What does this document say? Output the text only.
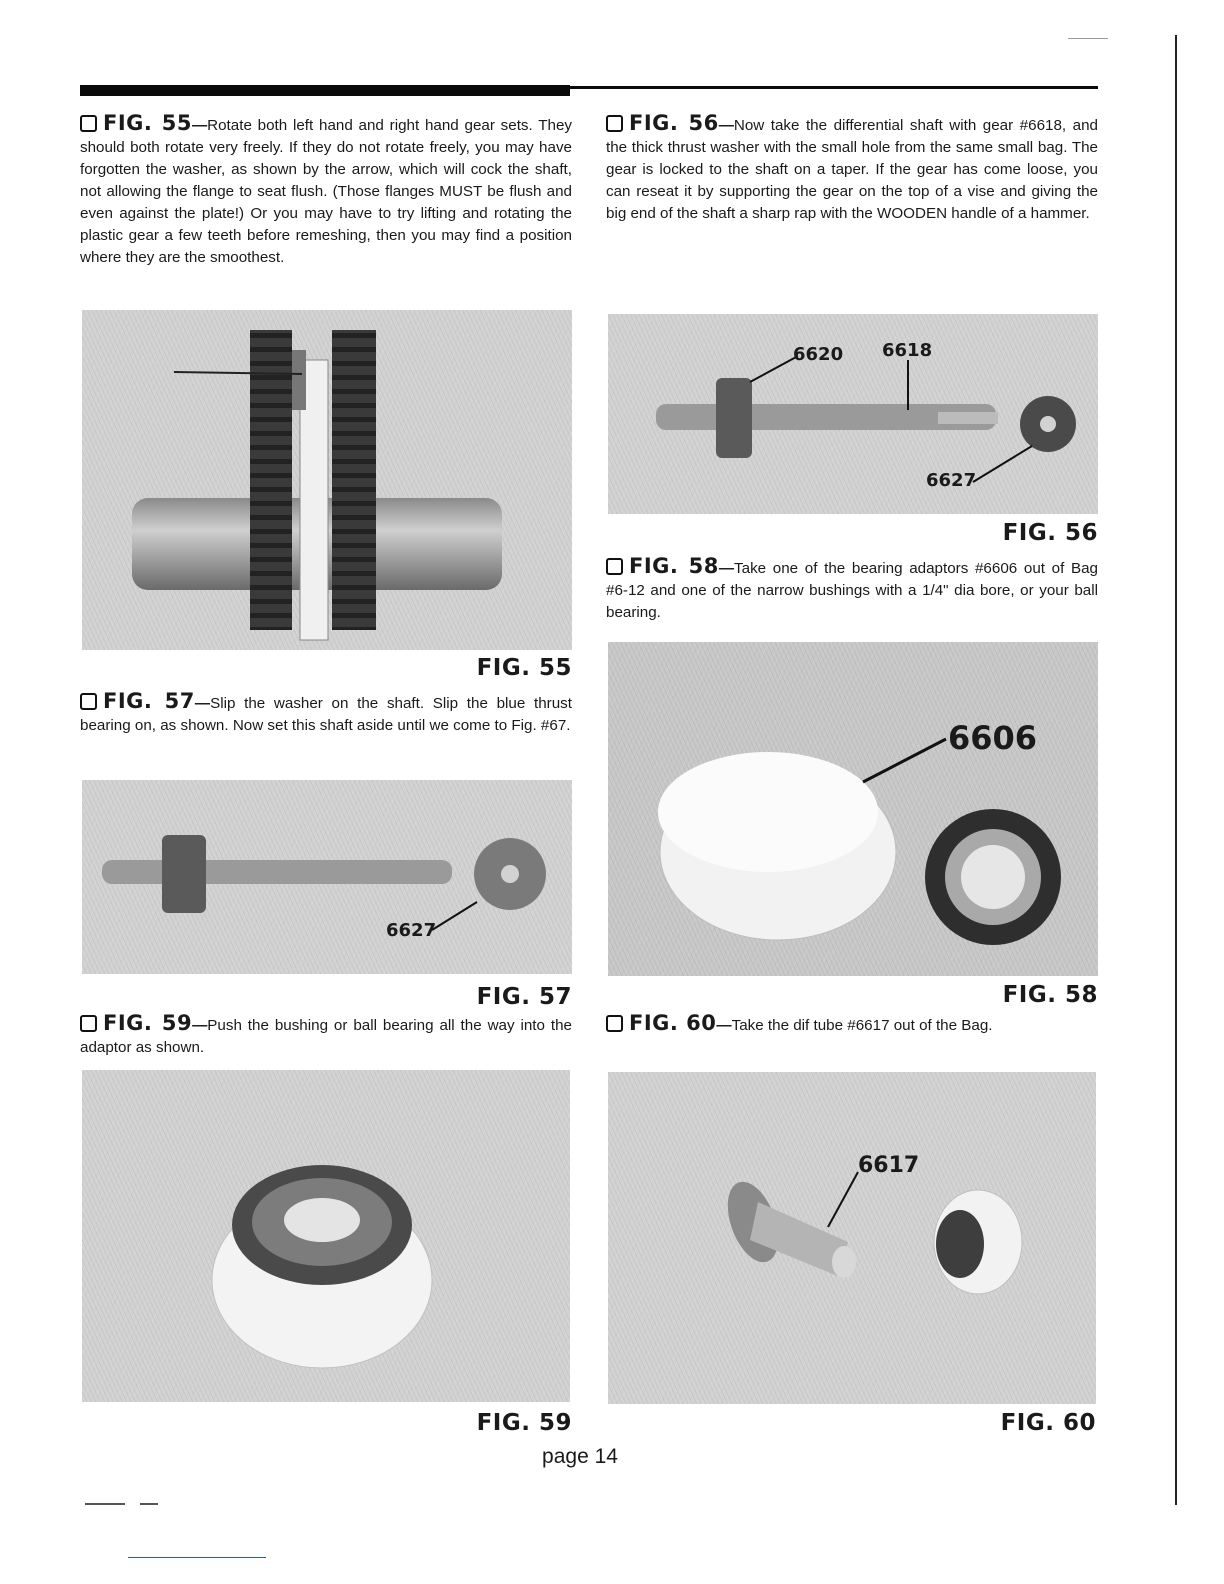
FIG. 55—Rotate both left hand and right hand gear sets. They should both rotate very freely. If they do not rotate freely, you may have forgotten the washer, as shown by the arrow, which will cock the shaft, not allowing the flange to seat flush. (Those flanges MUST be flush and even against the plate!) Or you may have to try lifting and rotating the plastic gear a few teeth before remeshing, then you may find a position where they are the smoothest.

FIG. 56—Now take the differential shaft with gear #6618, and the thick thrust washer with the small hole from the same small bag. The gear is locked to the shaft on a taper. If the gear has come loose, you can reseat it by supporting the gear on the top of a vise and giving the big end of the shaft a sharp rap with the WOODEN handle of a hammer.

6620 6618
6627
FIG. 56

FIG. 58—Take one of the bearing adaptors #6606 out of Bag #6-12 and one of the narrow bushings with a 1/4" dia bore, or your ball bearing.

FIG. 55

FIG. 57—Slip the washer on the shaft. Slip the blue thrust bearing on, as shown. Now set this shaft aside until we come to Fig. #67.	6606
6627
FIG. 57	FIG. 58

FIG. 59—Push the bushing or ball bearing all the way into the adaptor as shown.

FIG. 60—Take the dif tube #6617 out of the Bag.

6617
FIG. 59	FIG. 60
page 14
